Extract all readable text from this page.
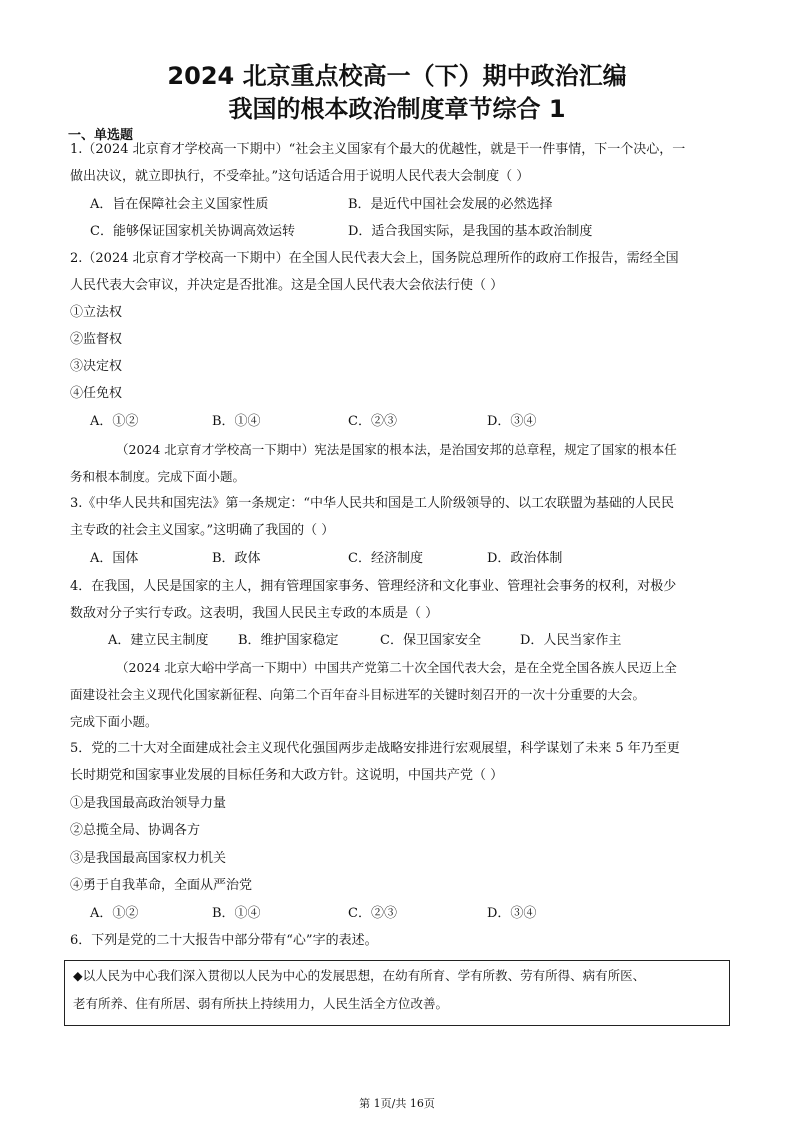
2024 北京重点校高一（下）期中政治汇编
我国的根本政治制度章节综合 1
一、单选题
1.（2024 北京育才学校高一下期中）“社会主义国家有个最大的优越性，就是干一件事情，下一个决心，一
做出决议，就立即执行，不受牵扯。”这句话适合用于说明人民代表大会制度（ ）
A．旨在保障社会主义国家性质	B．是近代中国社会发展的必然选择
C．能够保证国家机关协调高效运转	D．适合我国实际，是我国的基本政治制度
2.（2024 北京育才学校高一下期中）在全国人民代表大会上，国务院总理所作的政府工作报告，需经全国
人民代表大会审议，并决定是否批准。这是全国人民代表大会依法行使（ ）
①立法权
②监督权
③决定权
④任免权
A．①②	B．①④	C．②③	D．③④
（2024 北京育才学校高一下期中）宪法是国家的根本法，是治国安邦的总章程，规定了国家的根本任
务和根本制度。完成下面小题。
3.《中华人民共和国宪法》第一条规定：“中华人民共和国是工人阶级领导的、以工农联盟为基础的人民民
主专政的社会主义国家。”这明确了我国的（ ）
A．国体	B．政体	C．经济制度	D．政治体制
4．在我国，人民是国家的主人，拥有管理国家事务、管理经济和文化事业、管理社会事务的权利，对极少
数敌对分子实行专政。这表明，我国人民民主专政的本质是（ ）
A．建立民主制度 B．维护国家稳定	C．保卫国家安全	D．人民当家作主
（2024 北京大峪中学高一下期中）中国共产党第二十次全国代表大会，是在全党全国各族人民迈上全
面建设社会主义现代化国家新征程、向第二个百年奋斗目标进军的关键时刻召开的一次十分重要的大会。
完成下面小题。
5．党的二十大对全面建成社会主义现代化强国两步走战略安排进行宏观展望，科学谋划了未来 5 年乃至更
长时期党和国家事业发展的目标任务和大政方针。这说明，中国共产党（ ）
①是我国最高政治领导力量
②总揽全局、协调各方
③是我国最高国家权力机关
④勇于自我革命，全面从严治党
A．①②	B．①④	C．②③	D．③④
6．下列是党的二十大报告中部分带有“心”字的表述。
◆以人民为中心我们深入贯彻以人民为中心的发展思想，在幼有所育、学有所教、劳有所得、病有所医、
老有所养、住有所居、弱有所扶上持续用力，人民生活全方位改善。
第 1页/共 16页
